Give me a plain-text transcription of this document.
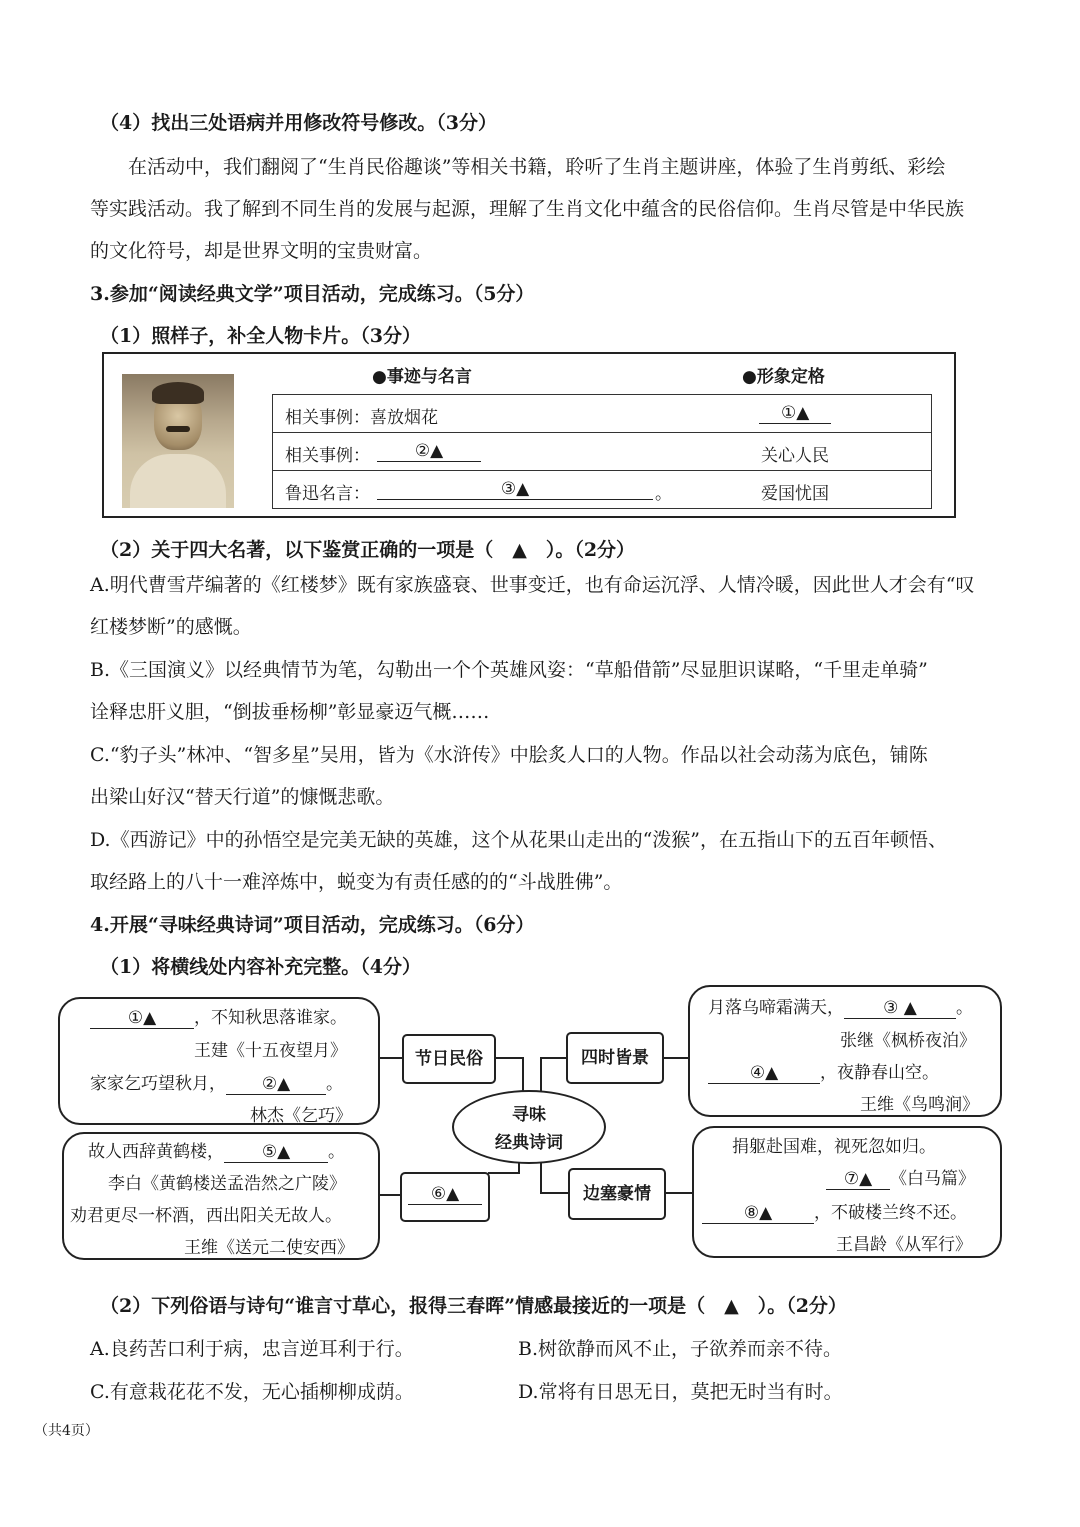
（4）找出三处语病并用修改符号修改。（3分）
在活动中，我们翻阅了“生肖民俗趣谈”等相关书籍，聆听了生肖主题讲座，体验了生肖剪纸、彩绘
等实践活动。我了解到不同生肖的发展与起源，理解了生肖文化中蕴含的民俗信仰。生肖尽管是中华民族
的文化符号，却是世界文明的宝贵财富。
3.参加“阅读经典文学”项目活动，完成练习。（5分）
（1）照样子，补全人物卡片。（3分）
●事迹与名言	●形象定格
相关事例：喜放烟花	①▲
相关事例：	②▲	关心人民
鲁迅名言：	③▲	。	爱国忧国
（2）关于四大名著，以下鉴赏正确的一项是（　▲　）。（2分）
A.明代曹雪芹编著的《红楼梦》既有家族盛衰、世事变迁，也有命运沉浮、人情冷暖，因此世人才会有“叹
红楼梦断”的感慨。
B.《三国演义》以经典情节为笔，勾勒出一个个英雄风姿：“草船借箭”尽显胆识谋略，“千里走单骑”
诠释忠肝义胆，“倒拔垂杨柳”彰显豪迈气概……
C.“豹子头”林冲、“智多星”吴用，皆为《水浒传》中脍炙人口的人物。作品以社会动荡为底色，铺陈
出梁山好汉“替天行道”的慷慨悲歌。
D.《西游记》中的孙悟空是完美无缺的英雄，这个从花果山走出的“泼猴”，在五指山下的五百年顿悟、
取经路上的八十一难淬炼中，蜕变为有责任感的的“斗战胜佛”。
4.开展“寻味经典诗词”项目活动，完成练习。（6分）
（1）将横线处内容补充完整。（4分）
①▲ ，不知秋思落谁家。
王建《十五夜望月》
家家乞巧望秋月， ②▲ 。
林杰《乞巧》
月落乌啼霜满天， ③ ▲ 。
张继《枫桥夜泊》
④▲ ，夜静春山空。
王维《鸟鸣涧》
故人西辞黄鹤楼， ⑤▲ 。
李白《黄鹤楼送孟浩然之广陵》
劝君更尽一杯酒，西出阳关无故人。
王维《送元二使安西》
捐躯赴国难，视死忽如归。
⑦▲ 《白马篇》
⑧▲ ，不破楼兰终不还。
王昌龄《从军行》
节日民俗	四时皆景
⑥▲	边塞豪情
寻味
经典诗词
（2）下列俗语与诗句“谁言寸草心，报得三春晖”情感最接近的一项是（　▲　）。（2分）
A.良药苦口利于病，忠言逆耳利于行。	B.树欲静而风不止，子欲养而亲不待。
C.有意栽花花不发，无心插柳柳成荫。	D.常将有日思无日，莫把无时当有时。
（共4页）
